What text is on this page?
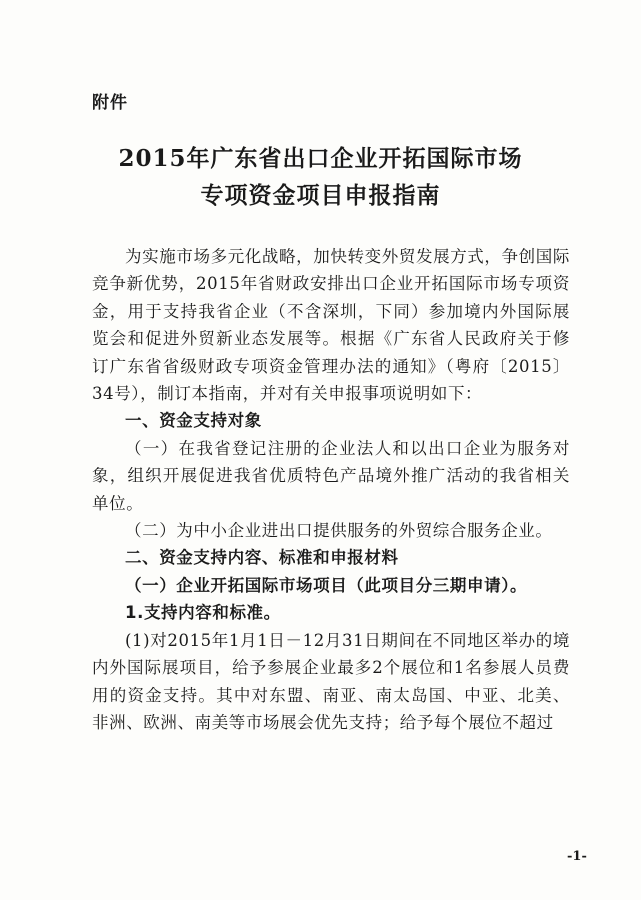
附件
2015年广东省出口企业开拓国际市场
专项资金项目申报指南

为实施市场多元化战略，加快转变外贸发展方式，争创国际竞争新优势，2015年省财政安排出口企业开拓国际市场专项资金，用于支持我省企业（不含深圳，下同）参加境内外国际展览会和促进外贸新业态发展等。根据《广东省人民政府关于修订广东省省级财政专项资金管理办法的通知》（粤府〔2015〕34号），制订本指南，并对有关申报事项说明如下：

一、资金支持对象

（一）在我省登记注册的企业法人和以出口企业为服务对象，组织开展促进我省优质特色产品境外推广活动的我省相关单位。

（二）为中小企业进出口提供服务的外贸综合服务企业。

二、资金支持内容、标准和申报材料

（一）企业开拓国际市场项目（此项目分三期申请）。

1.支持内容和标准。

(1)对2015年1月1日－12月31日期间在不同地区举办的境内外国际展项目，给予参展企业最多2个展位和1名参展人员费用的资金支持。其中对东盟、南亚、南太岛国、中亚、北美、非洲、欧洲、南美等市场展会优先支持；给予每个展位不超过

-1-
